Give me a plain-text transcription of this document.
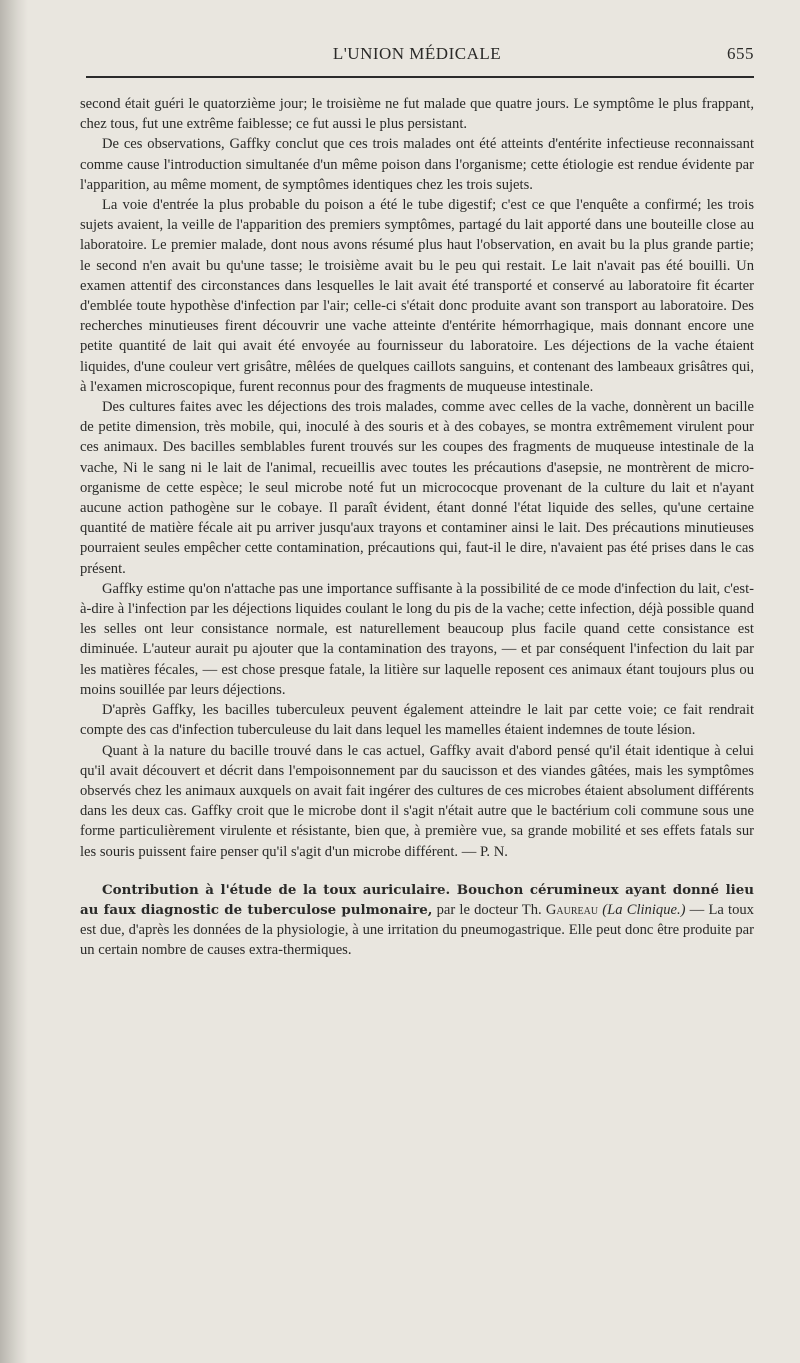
L'UNION MÉDICALE	655

second était guéri le quatorzième jour; le troisième ne fut malade que quatre jours. Le symptôme le plus frappant, chez tous, fut une extrême faiblesse; ce fut aussi le plus persistant.

De ces observations, Gaffky conclut que ces trois malades ont été atteints d'entérite infectieuse reconnaissant comme cause l'introduction simultanée d'un même poison dans l'organisme; cette étiologie est rendue évidente par l'apparition, au même moment, de symptômes identiques chez les trois sujets.

La voie d'entrée la plus probable du poison a été le tube digestif; c'est ce que l'enquête a confirmé; les trois sujets avaient, la veille de l'apparition des premiers symptômes, partagé du lait apporté dans une bouteille close au laboratoire. Le premier malade, dont nous avons résumé plus haut l'observation, en avait bu la plus grande partie; le second n'en avait bu qu'une tasse; le troisième avait bu le peu qui restait. Le lait n'avait pas été bouilli. Un examen attentif des circonstances dans lesquelles le lait avait été transporté et conservé au laboratoire fit écarter d'emblée toute hypothèse d'infection par l'air; celle-ci s'était donc produite avant son transport au laboratoire. Des recherches minutieuses firent découvrir une vache atteinte d'entérite hémorrhagique, mais donnant encore une petite quantité de lait qui avait été envoyée au fournisseur du laboratoire. Les déjections de la vache étaient liquides, d'une couleur vert grisâtre, mêlées de quelques caillots sanguins, et contenant des lambeaux grisâtres qui, à l'examen microscopique, furent reconnus pour des fragments de muqueuse intestinale.

Des cultures faites avec les déjections des trois malades, comme avec celles de la vache, donnèrent un bacille de petite dimension, très mobile, qui, inoculé à des souris et à des cobayes, se montra extrêmement virulent pour ces animaux. Des bacilles semblables furent trouvés sur les coupes des fragments de muqueuse intestinale de la vache, Ni le sang ni le lait de l'animal, recueillis avec toutes les précautions d'asepsie, ne montrèrent de micro-organisme de cette espèce; le seul microbe noté fut un micrococque provenant de la culture du lait et n'ayant aucune action pathogène sur le cobaye. Il paraît évident, étant donné l'état liquide des selles, qu'une certaine quantité de matière fécale ait pu arriver jusqu'aux trayons et contaminer ainsi le lait. Des précautions minutieuses pourraient seules empêcher cette contamination, précautions qui, faut-il le dire, n'avaient pas été prises dans le cas présent.

Gaffky estime qu'on n'attache pas une importance suffisante à la possibilité de ce mode d'infection du lait, c'est-à-dire à l'infection par les déjections liquides coulant le long du pis de la vache; cette infection, déjà possible quand les selles ont leur consistance normale, est naturellement beaucoup plus facile quand cette consistance est diminuée. L'auteur aurait pu ajouter que la contamination des trayons, — et par conséquent l'infection du lait par les matières fécales, — est chose presque fatale, la litière sur laquelle reposent ces animaux étant toujours plus ou moins souillée par leurs déjections.

D'après Gaffky, les bacilles tuberculeux peuvent également atteindre le lait par cette voie; ce fait rendrait compte des cas d'infection tuberculeuse du lait dans lequel les mamelles étaient indemnes de toute lésion.

Quant à la nature du bacille trouvé dans le cas actuel, Gaffky avait d'abord pensé qu'il était identique à celui qu'il avait découvert et décrit dans l'empoisonnement par du saucisson et des viandes gâtées, mais les symptômes observés chez les animaux auxquels on avait fait ingérer des cultures de ces microbes étaient absolument différents dans les deux cas. Gaffky croit que le microbe dont il s'agit n'était autre que le bactérium coli commune sous une forme particulièrement virulente et résistante, bien que, à première vue, sa grande mobilité et ses effets fatals sur les souris puissent faire penser qu'il s'agit d'un microbe différent. — P. N.

Contribution à l'étude de la toux auriculaire. Bouchon cérumineux ayant donné lieu au faux diagnostic de tuberculose pulmonaire, par le docteur Th. Gaureau (La Clinique.) — La toux est due, d'après les données de la physiologie, à une irritation du pneumogastrique. Elle peut donc être produite par un certain nombre de causes extra-thermiques.
